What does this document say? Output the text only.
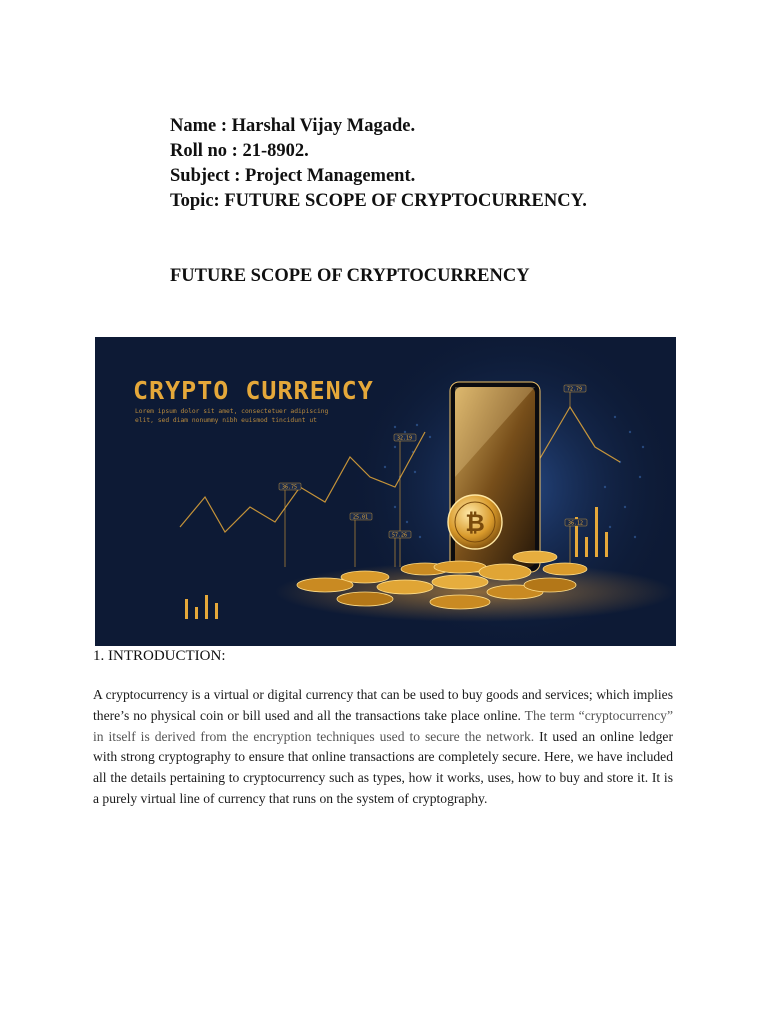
Name : Harshal Vijay Magade.
Roll no : 21-8902.
Subject : Project Management.
Topic: FUTURE SCOPE OF CRYPTOCURRENCY.
FUTURE SCOPE OF CRYPTOCURRENCY
36.75
32.19
25.01
57.26
36.12
72.79
₿
CRYPTO CURRENCY
Lorem ipsum dolor sit amet, consectetuer adipiscing
elit, sed diam nonummy nibh euismod tincidunt ut
1. INTRODUCTION:
A cryptocurrency is a virtual or digital currency that can be used to buy goods and services; which implies there’s no physical coin or bill used and all the transactions take place online. The term “cryptocurrency” in itself is derived from the encryption techniques used to secure the network. It used an online ledger with strong cryptography to ensure that online transactions are completely secure. Here, we have included all the details pertaining to cryptocurrency such as types, how it works, uses, how to buy and store it. It is a purely virtual line of currency that runs on the system of cryptography.
